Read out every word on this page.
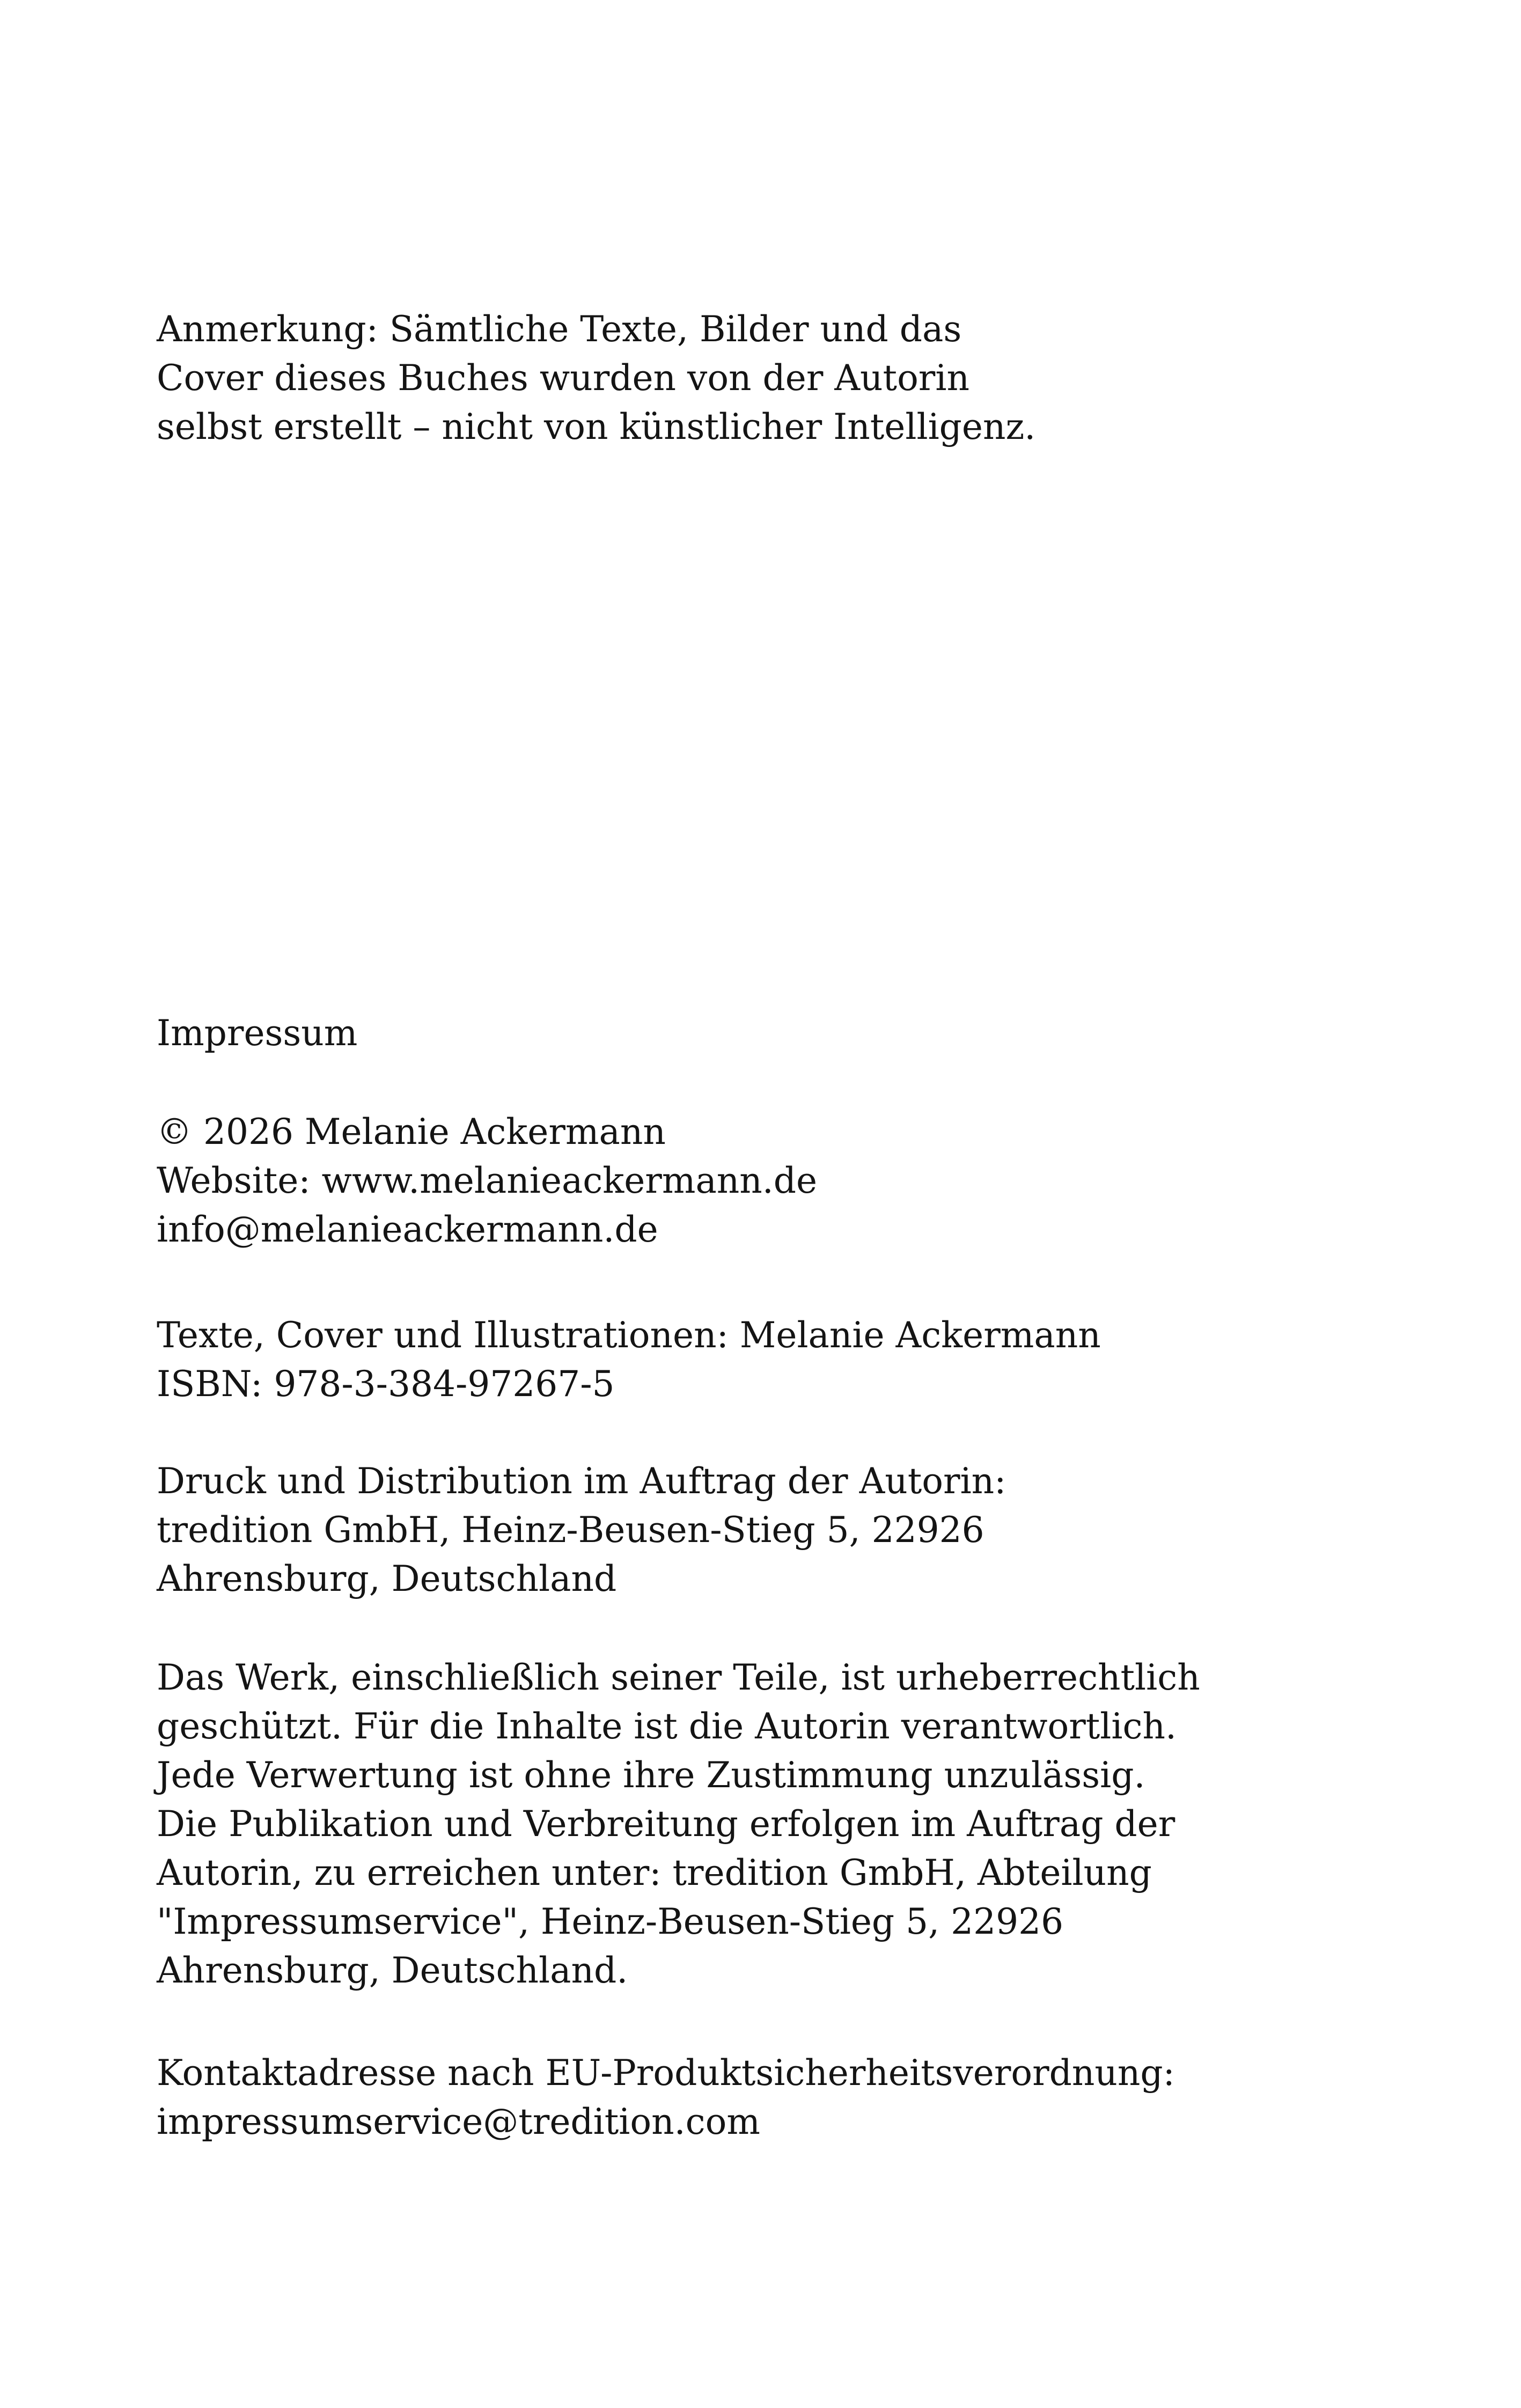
Anmerkung: Sämtliche Texte, Bilder und das
Cover dieses Buches wurden von der Autorin
selbst erstellt – nicht von künstlicher Intelligenz.
Impressum
© 2026 Melanie Ackermann
Website: www.melanieackermann.de
info@melanieackermann.de
Texte, Cover und Illustrationen: Melanie Ackermann
ISBN: 978-3-384-97267-5
Druck und Distribution im Auftrag der Autorin:
tredition GmbH, Heinz-Beusen-Stieg 5, 22926
Ahrensburg, Deutschland
Das Werk, einschließlich seiner Teile, ist urheberrechtlich
geschützt. Für die Inhalte ist die Autorin verantwortlich.
Jede Verwertung ist ohne ihre Zustimmung unzulässig.
Die Publikation und Verbreitung erfolgen im Auftrag der
Autorin, zu erreichen unter: tredition GmbH, Abteilung
"Impressumservice", Heinz-Beusen-Stieg 5, 22926
Ahrensburg, Deutschland.
Kontaktadresse nach EU-Produktsicherheitsverordnung:
impressumservice@tredition.com
